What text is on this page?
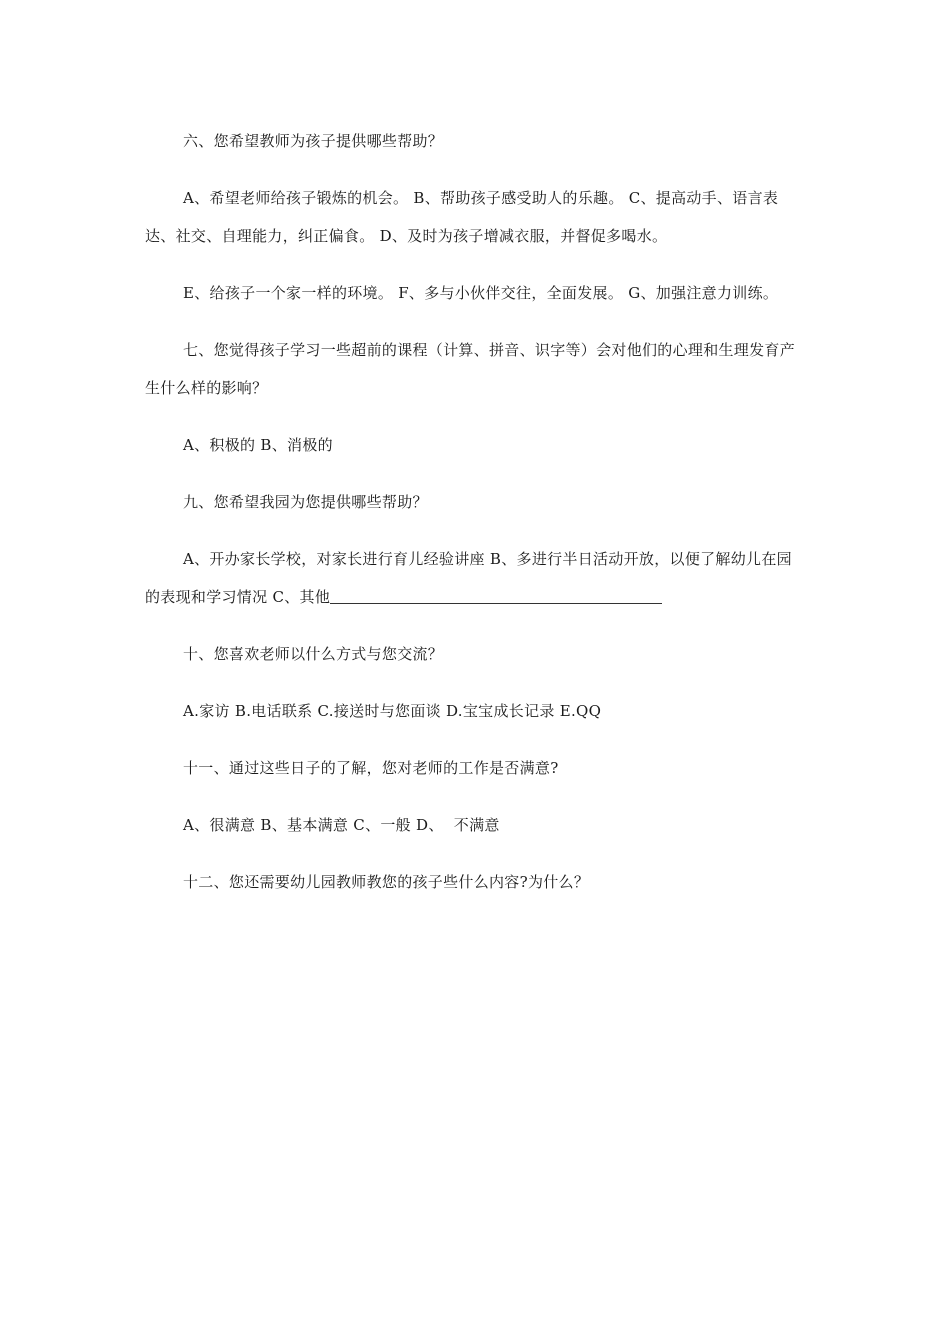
六、您希望教师为孩子提供哪些帮助？

A、希望老师给孩子锻炼的机会。 B、帮助孩子感受助人的乐趣。 C、提高动手、语言表达、社交、自理能力，纠正偏食。 D、及时为孩子增减衣服，并督促多喝水。

E、给孩子一个家一样的环境。 F、多与小伙伴交往，全面发展。 G、加强注意力训练。

七、您觉得孩子学习一些超前的课程（计算、拼音、识字等）会对他们的心理和生理发育产生什么样的影响？

A、积极的 B、消极的

九、您希望我园为您提供哪些帮助？

A、开办家长学校，对家长进行育儿经验讲座 B、多进行半日活动开放，以便了解幼儿在园的表现和学习情况 C、其他

十、您喜欢老师以什么方式与您交流？

A.家访 B.电话联系 C.接送时与您面谈 D.宝宝成长记录 E.QQ

十一、通过这些日子的了解，您对老师的工作是否满意?

A、很满意 B、基本满意 C、一般 D、  不满意

十二、您还需要幼儿园教师教您的孩子些什么内容?为什么？
